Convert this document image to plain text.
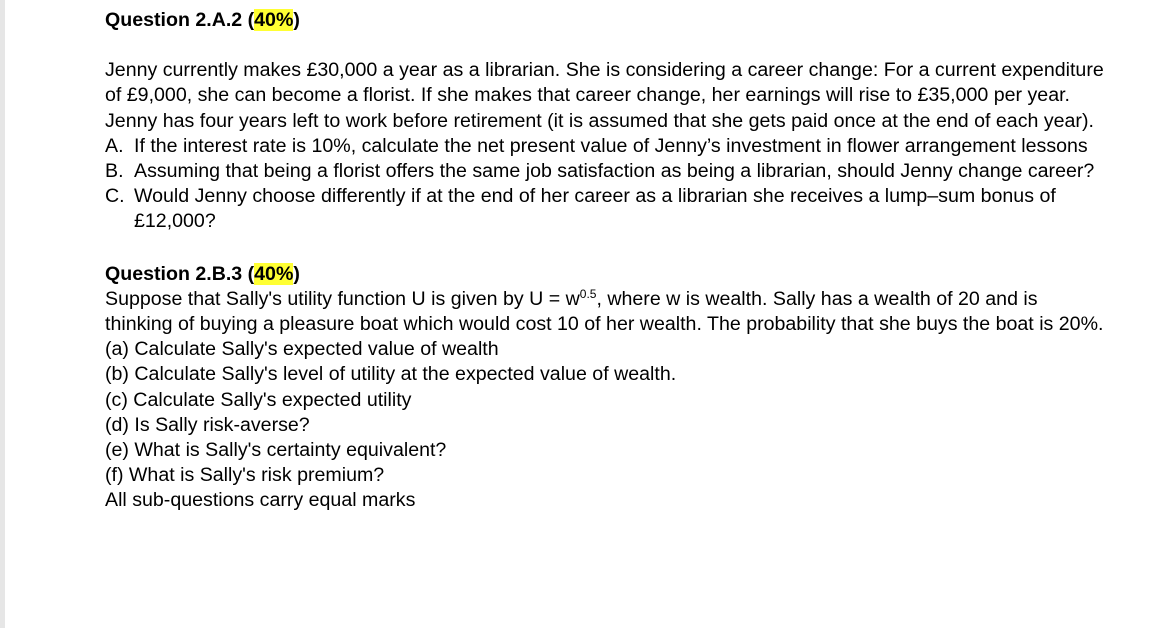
Question 2.A.2 (40%)

Jenny currently makes £30,000 a year as a librarian. She is considering a career change: For a current expenditure of £9,000, she can become a florist. If she makes that career change, her earnings will rise to £35,000 per year. Jenny has four years left to work before retirement (it is assumed that she gets paid once at the end of each year).

A. If the interest rate is 10%, calculate the net present value of Jenny’s investment in flower arrangement lessons
B. Assuming that being a florist offers the same job satisfaction as being a librarian, should Jenny change career?
C. Would Jenny choose differently if at the end of her career as a librarian she receives a lump–sum bonus of £12,000?

Question 2.B.3 (40%)

Suppose that Sally's utility function U is given by $U = w^{0.5}$, where w is wealth. Sally has a wealth of 20 and is thinking of buying a pleasure boat which would cost 10 of her wealth. The probability that she buys the boat is 20%.

(a) Calculate Sally's expected value of wealth

(b) Calculate Sally's level of utility at the expected value of wealth.

(c) Calculate Sally's expected utility

(d) Is Sally risk-averse?

(e) What is Sally's certainty equivalent?

(f) What is Sally's risk premium?

All sub-questions carry equal marks
